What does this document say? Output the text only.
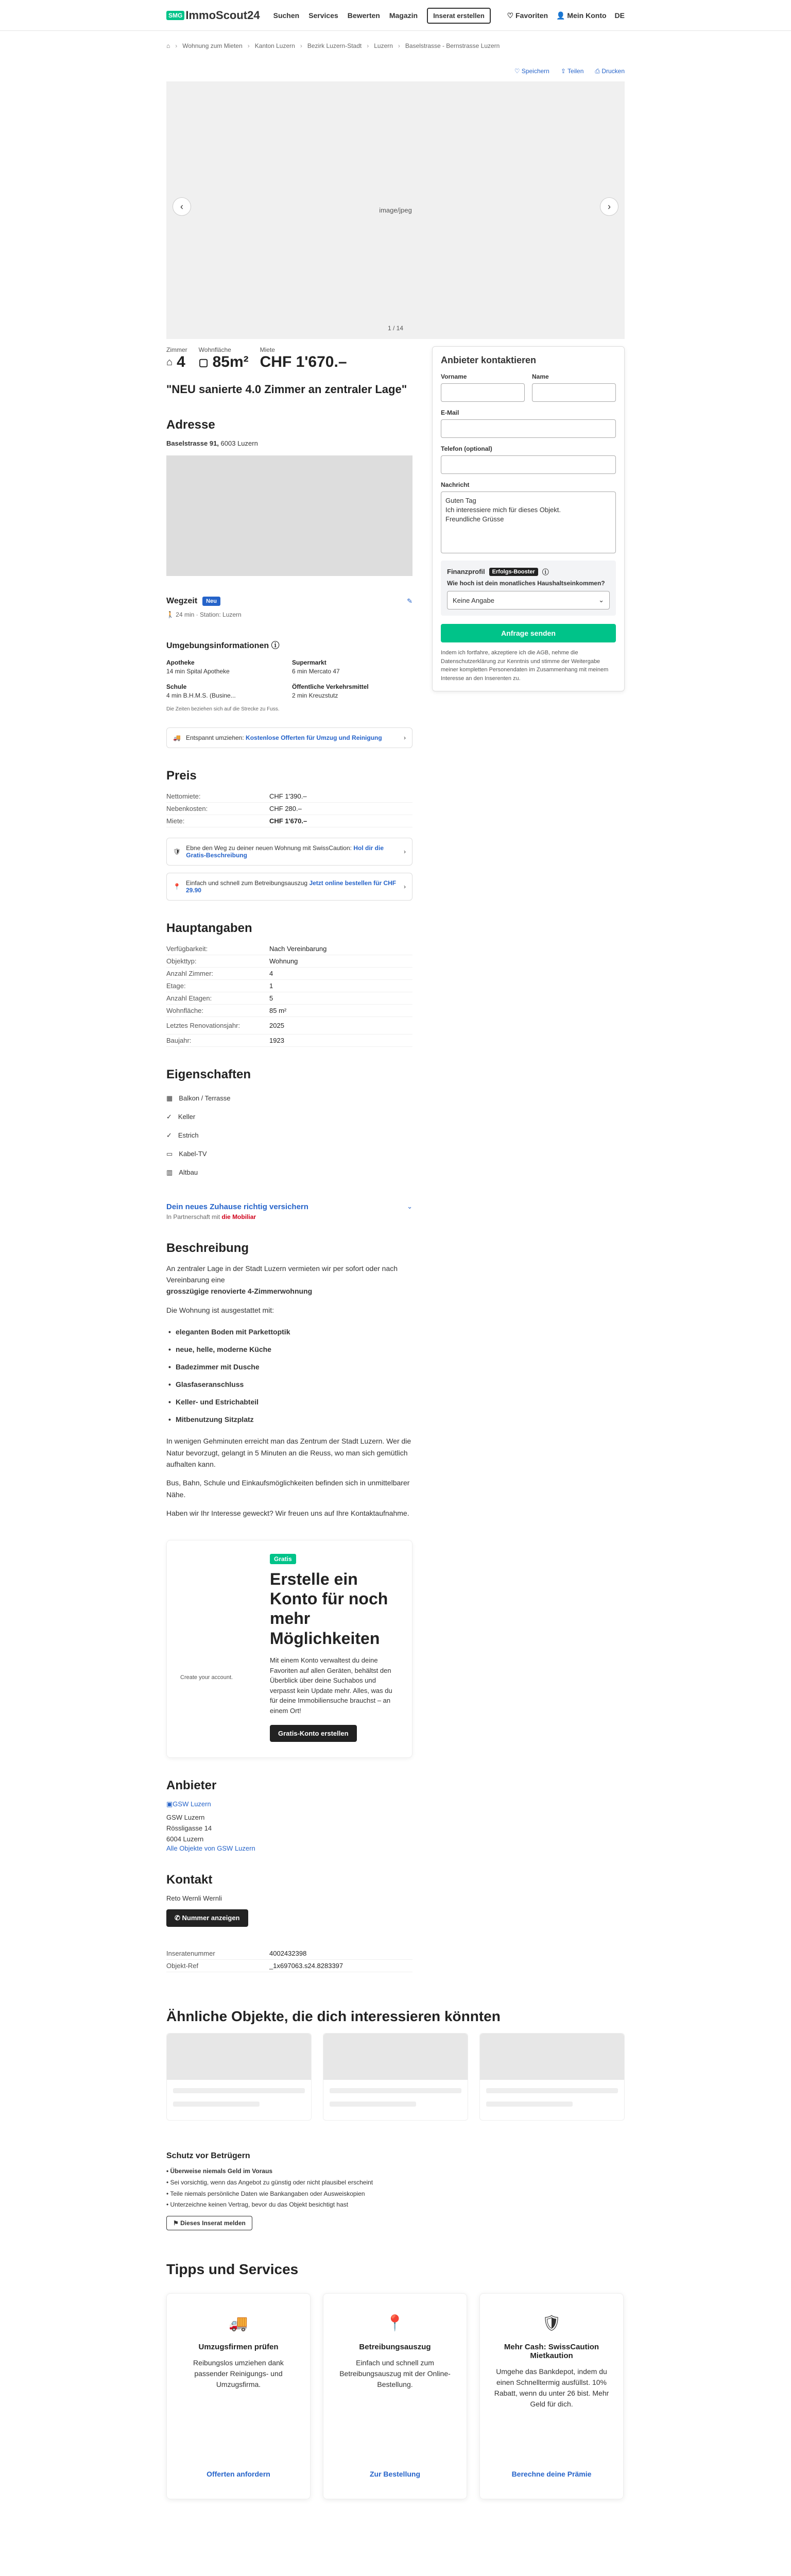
SMG ImmoScout24 Suchen Services Bewerten Magazin	Inserat erstellen	♡ Favoriten 👤 Mein Konto DE
⌂ › Wohnung zum Mieten › Kanton Luzern › Bezirk Luzern-Stadt › Luzern › Baselstrasse - Bernstrasse Luzern
♡ Speichern ⇪ Teilen ⎙ Drucken
image/jpeg
‹	›
1 / 14
Zimmer
⌂ 4
Wohnfläche
▢ 85m²
Miete
CHF 1'670.–
"NEU sanierte 4.0 Zimmer an zentraler Lage"
Adresse
Baselstrasse 91, 6003 Luzern
Wegzeit	Neu	✎
🚶 24 min · Station: Luzern
Umgebungsinformationen ⓘ
Apotheke
14 min Spital Apotheke
Supermarkt
6 min Mercato 47
Schule
4 min B.H.M.S. (Busine...
Öffentliche Verkehrsmittel
2 min Kreuzstutz
Die Zeiten beziehen sich auf die Strecke zu Fuss.
🚚 Entspannt umziehen: Kostenlose Offerten für Umzug und Reinigung	›
Preis
Nettomiete:	CHF 1'390.–
Nebenkosten:	CHF 280.–
Miete:	CHF 1'670.–
🛡 Ebne den Weg zu deiner neuen Wohnung mit SwissCaution: Hol dir die Gratis-Beschreibung	›
📍 Einfach und schnell zum Betreibungsauszug Jetzt online bestellen für CHF 29.90	›
Hauptangaben
Verfügbarkeit:	Nach Vereinbarung
Objekttyp:	Wohnung
Anzahl Zimmer:	4
Etage:	1
Anzahl Etagen:	5
Wohnfläche:	85 m²
Letztes Renovationsjahr:	2025
Baujahr:	1923
Eigenschaften
▦ Balkon / Terrasse
✓ Keller
✓ Estrich
▭ Kabel-TV
▥ Altbau
Dein neues Zuhause richtig versichern
In Partnerschaft mit die Mobiliar
⌄
Beschreibung

An zentraler Lage in der Stadt Luzern vermieten wir per sofort oder nach Vereinbarung eine
grosszügige renovierte 4-Zimmerwohnung

Die Wohnung ist ausgestattet mit:

• eleganten Boden mit Parkettoptik
• neue, helle, moderne Küche
• Badezimmer mit Dusche
• Glasfaseranschluss
• Keller- und Estrichabteil
• Mitbenutzung Sitzplatz

In wenigen Gehminuten erreicht man das Zentrum der Stadt Luzern. Wer die Natur bevorzugt, gelangt in 5 Minuten an die Reuss, wo man sich gemütlich aufhalten kann.

Bus, Bahn, Schule und Einkaufsmöglichkeiten befinden sich in unmittelbarer Nähe.

Haben wir Ihr Interesse geweckt? Wir freuen uns auf Ihre Kontaktaufnahme.

Create your account.
Gratis
Erstelle ein Konto für noch mehr Möglichkeiten
Mit einem Konto verwaltest du deine Favoriten auf allen Geräten, behältst den Überblick über deine Suchabos und verpasst kein Update mehr. Alles, was du für deine Immobiliensuche brauchst – an einem Ort!
Gratis-Konto erstellen
Anbieter
▣GSW Luzern
GSW Luzern
Rössligasse 14
6004 Luzern
Alle Objekte von GSW Luzern
Kontakt
Reto Wernli Wernli
✆ Nummer anzeigen
Inseratenummer	4002432398
Objekt-Ref	_1x697063.s24.8283397
Anbieter kontaktieren
Vorname	Name
E-Mail
Telefon (optional)
Nachricht
Guten Tag
Ich interessiere mich für dieses Objekt.
Freundliche Grüsse
Finanzprofil	Erfolgs-Booster	ⓘ
Wie hoch ist dein monatliches Haushaltseinkommen?
Keine Angabe	⌄
Anfrage senden
Indem ich fortfahre, akzeptiere ich die AGB, nehme die Datenschutzerklärung zur Kenntnis und stimme der Weitergabe meiner kompletten Personendaten im Zusammenhang mit meinem Interesse an den Inserenten zu.
Ähnliche Objekte, die dich interessieren könnten
Schutz vor Betrügern
• Überweise niemals Geld im Voraus
• Sei vorsichtig, wenn das Angebot zu günstig oder nicht plausibel erscheint
• Teile niemals persönliche Daten wie Bankangaben oder Ausweiskopien
• Unterzeichne keinen Vertrag, bevor du das Objekt besichtigt hast
⚑ Dieses Inserat melden
Tipps und Services
🚚
Umzugsfirmen prüfen
Reibungslos umziehen dank passender Reinigungs- und Umzugsfirma.
Offerten anfordern
📍
Betreibungsauszug
Einfach und schnell zum Betreibungsauszug mit der Online-Bestellung.
Zur Bestellung
🛡
Mehr Cash: SwissCaution Mietkaution
Umgehe das Bankdepot, indem du einen Schnelltermig ausfüllst. 10% Rabatt, wenn du unter 26 bist. Mehr Geld für dich.
Berechne deine Prämie
